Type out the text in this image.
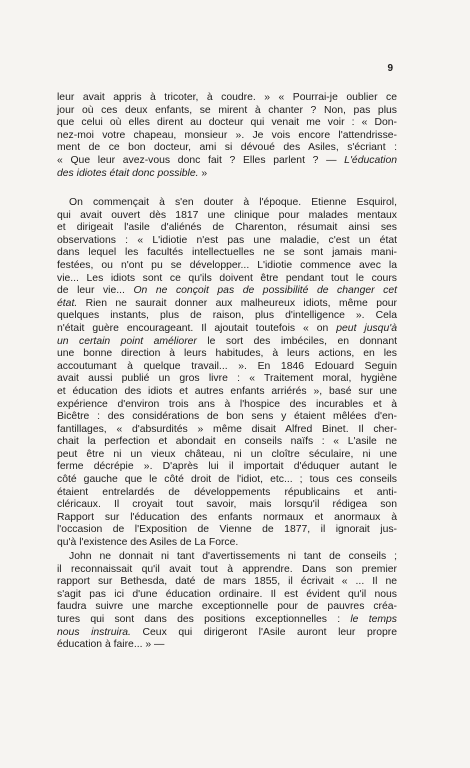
9
leur avait appris à tricoter, à coudre. » « Pourrai-je oublier ce
jour où ces deux enfants, se mirent à chanter ? Non, pas plus
que celui où elles dirent au docteur qui venait me voir : « Don-
nez-moi votre chapeau, monsieur ». Je vois encore l'attendrisse-
ment de ce bon docteur, ami si dévoué des Asiles, s'écriant :
« Que leur avez-vous donc fait ? Elles parlent ? — L'éducation
des idiotes était donc possible. »
On commençait à s'en douter à l'époque. Etienne Esquirol,
qui avait ouvert dès 1817 une clinique pour malades mentaux
et dirigeait l'asile d'aliénés de Charenton, résumait ainsi ses
observations : « L'idiotie n'est pas une maladie, c'est un état
dans lequel les facultés intellectuelles ne se sont jamais mani-
festées, ou n'ont pu se développer... L'idiotie commence avec la
vie... Les idiots sont ce qu'ils doivent être pendant tout le cours
de leur vie... On ne conçoit pas de possibilité de changer cet
état. Rien ne saurait donner aux malheureux idiots, même pour
quelques instants, plus de raison, plus d'intelligence ». Cela
n'était guère encourageant. Il ajoutait toutefois « on peut jusqu'à
un certain point améliorer le sort des imbéciles, en donnant
une bonne direction à leurs habitudes, à leurs actions, en les
accoutumant à quelque travail... ». En 1846 Edouard Seguin
avait aussi publié un gros livre : « Traitement moral, hygiène
et éducation des idiots et autres enfants arriérés », basé sur une
expérience d'environ trois ans à l'hospice des incurables et à
Bicêtre : des considérations de bon sens y étaient mêlées d'en-
fantillages, « d'absurdités » même disait Alfred Binet. Il cher-
chait la perfection et abondait en conseils naïfs : « L'asile ne
peut être ni un vieux château, ni un cloître séculaire, ni une
ferme décrépie ». D'après lui il importait d'éduquer autant le
côté gauche que le côté droit de l'idiot, etc... ; tous ces conseils
étaient entrelardés de développements républicains et anti-
cléricaux. Il croyait tout savoir, mais lorsqu'il rédigea son
Rapport sur l'éducation des enfants normaux et anormaux à
l'occasion de l'Exposition de Vienne de 1877, il ignorait jus-
qu'à l'existence des Asiles de La Force.
John ne donnait ni tant d'avertissements ni tant de conseils ;
il reconnaissait qu'il avait tout à apprendre. Dans son premier
rapport sur Bethesda, daté de mars 1855, il écrivait « ... Il ne
s'agit pas ici d'une éducation ordinaire. Il est évident qu'il nous
faudra suivre une marche exceptionnelle pour de pauvres créa-
tures qui sont dans des positions exceptionnelles : le temps
nous instruira. Ceux qui dirigeront l'Asile auront leur propre
éducation à faire... » —
